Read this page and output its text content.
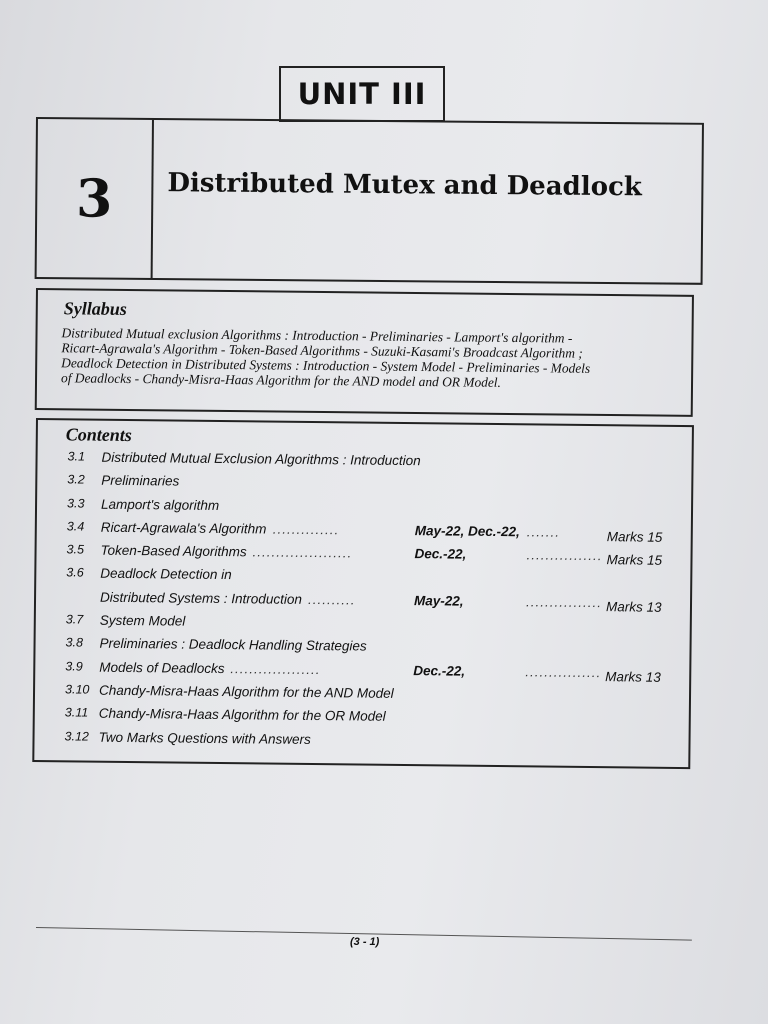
UNIT III
3	Distributed Mutex and Deadlock
Syllabus
Distributed Mutual exclusion Algorithms : Introduction - Preliminaries - Lamport's algorithm -
Ricart-Agrawala's Algorithm - Token-Based Algorithms - Suzuki-Kasami's Broadcast Algorithm ;
Deadlock Detection in Distributed Systems : Introduction - System Model - Preliminaries - Models
of Deadlocks - Chandy-Misra-Haas Algorithm for the AND model and OR Model.
Contents
3.1 Distributed Mutual Exclusion Algorithms : Introduction
3.2 Preliminaries
3.3 Lamport's algorithm
3.4 Ricart-Agrawala's Algorithm ..............	May-22, Dec.-22, .......	Marks 15
3.5 Token-Based Algorithms .....................	Dec.-22,	................ Marks 15
3.6 Deadlock Detection in
Distributed Systems : Introduction ..........	May-22,	................ Marks 13
3.7 System Model
3.8 Preliminaries : Deadlock Handling Strategies
3.9 Models of Deadlocks ...................	Dec.-22,	................ Marks 13
3.10 Chandy-Misra-Haas Algorithm for the AND Model
3.11 Chandy-Misra-Haas Algorithm for the OR Model
3.12 Two Marks Questions with Answers
(3 - 1)
